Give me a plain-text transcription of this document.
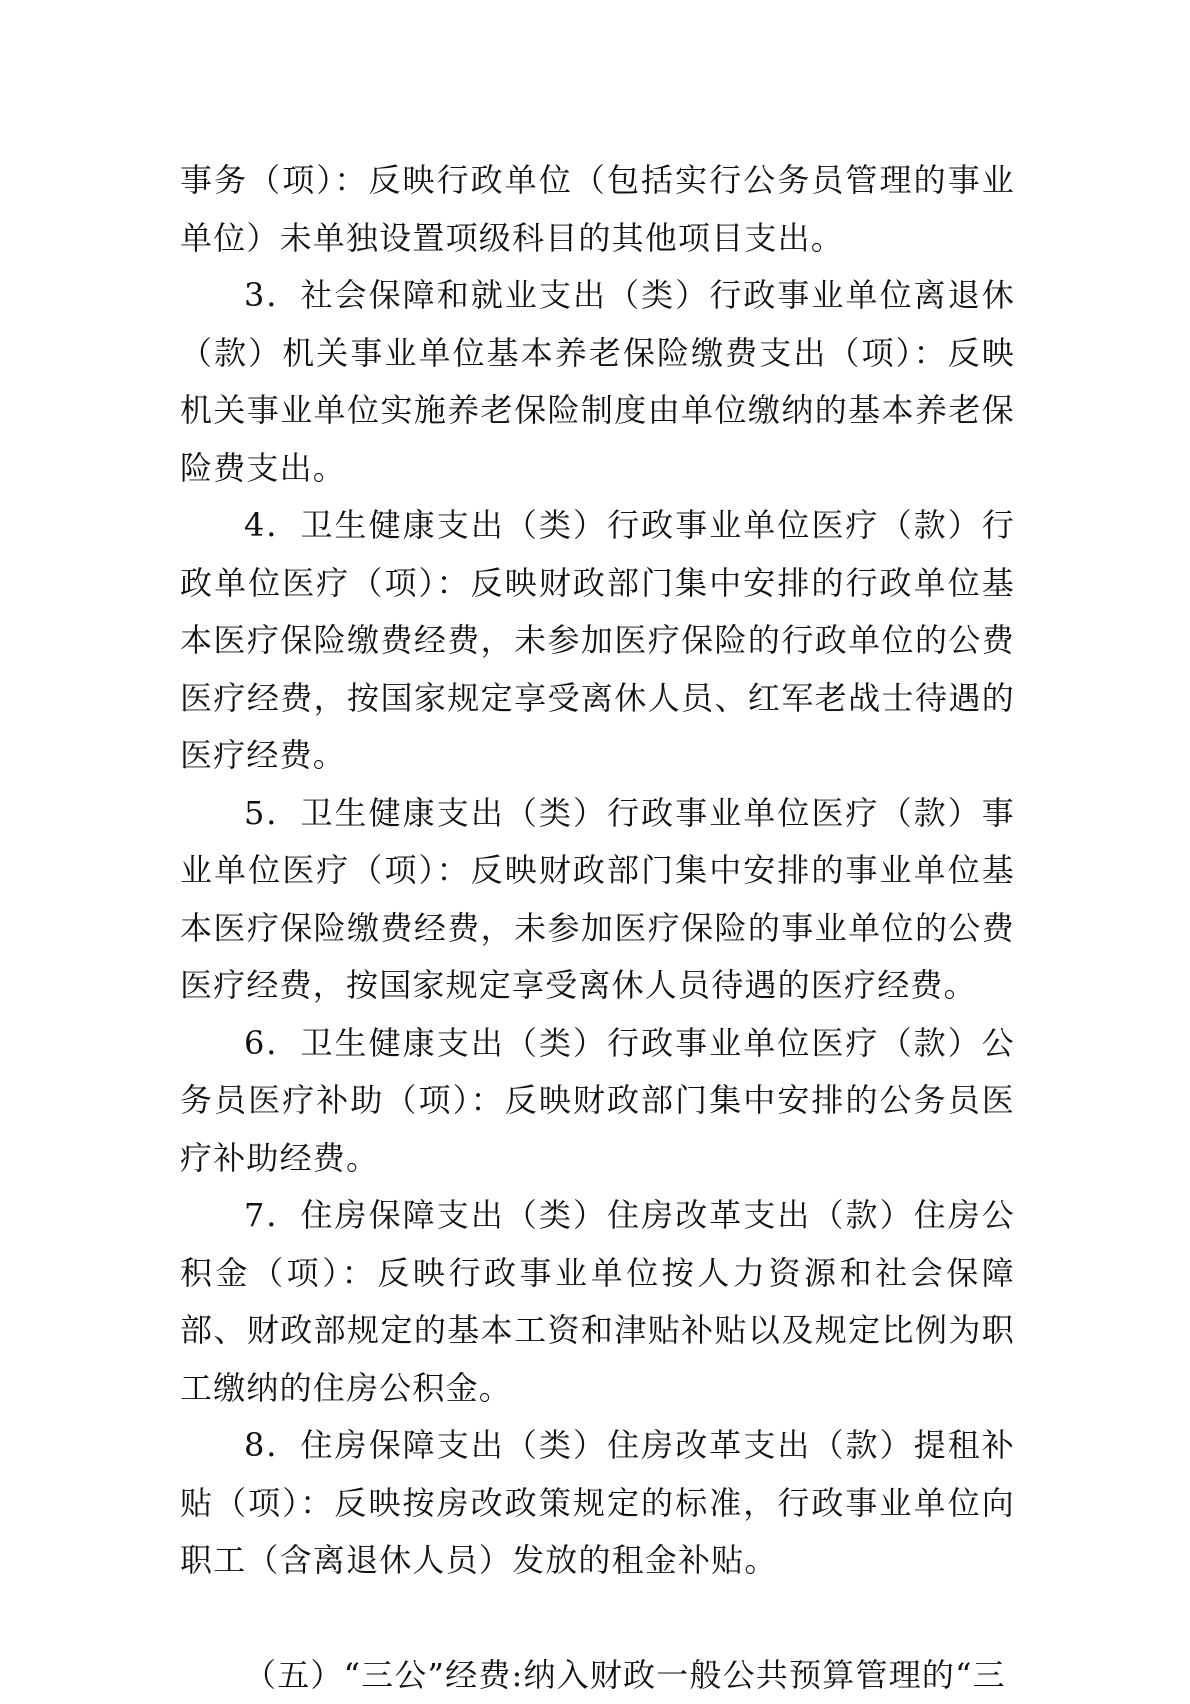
事务（项）：反映行政单位（包括实行公务员管理的事业单位）未单独设置项级科目的其他项目支出。

3．社会保障和就业支出（类）行政事业单位离退休（款）机关事业单位基本养老保险缴费支出（项）：反映机关事业单位实施养老保险制度由单位缴纳的基本养老保险费支出。

4．卫生健康支出（类）行政事业单位医疗（款）行政单位医疗（项）：反映财政部门集中安排的行政单位基本医疗保险缴费经费，未参加医疗保险的行政单位的公费医疗经费，按国家规定享受离休人员、红军老战士待遇的医疗经费。

5．卫生健康支出（类）行政事业单位医疗（款）事业单位医疗（项）：反映财政部门集中安排的事业单位基本医疗保险缴费经费，未参加医疗保险的事业单位的公费医疗经费，按国家规定享受离休人员待遇的医疗经费。

6．卫生健康支出（类）行政事业单位医疗（款）公务员医疗补助（项）：反映财政部门集中安排的公务员医疗补助经费。

7．住房保障支出（类）住房改革支出（款）住房公积金（项）：反映行政事业单位按人力资源和社会保障部、财政部规定的基本工资和津贴补贴以及规定比例为职工缴纳的住房公积金。

8．住房保障支出（类）住房改革支出（款）提租补贴（项）：反映按房改政策规定的标准，行政事业单位向职工（含离退休人员）发放的租金补贴。

（五）“三公”经费:纳入财政一般公共预算管理的“三
